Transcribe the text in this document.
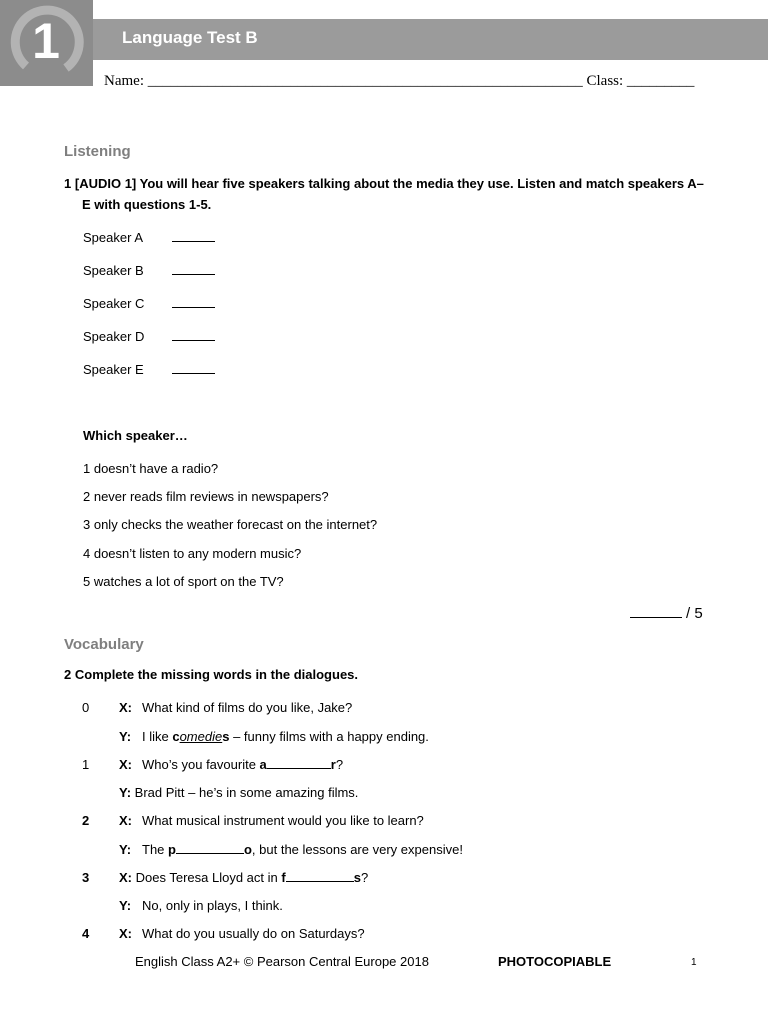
1	Language Test B
Name: __________________________________________________________ Class: _________
Listening
1 [AUDIO 1] You will hear five speakers talking about the media they use. Listen and match speakers A–E with questions 1-5.
Speaker A
Speaker B
Speaker C
Speaker D
Speaker E
Which speaker…
1 doesn’t have a radio?
2 never reads film reviews in newspapers?
3 only checks the weather forecast on the internet?
4 doesn’t listen to any modern music?
5 watches a lot of sport on the TV?
/ 5
Vocabulary
2 Complete the missing words in the dialogues.
0 X: What kind of films do you like, Jake?
Y: I like comedies – funny films with a happy ending.
1 X: Who’s you favourite a	r?
Y: Brad Pitt – he’s in some amazing films.
2 X: What musical instrument would you like to learn?
Y: The p	o, but the lessons are very expensive!
3 X: Does Teresa Lloyd act in f	s?
Y: No, only in plays, I think.
4 X: What do you usually do on Saturdays?
English Class A2+ © Pearson Central Europe 2018	PHOTOCOPIABLE	1
